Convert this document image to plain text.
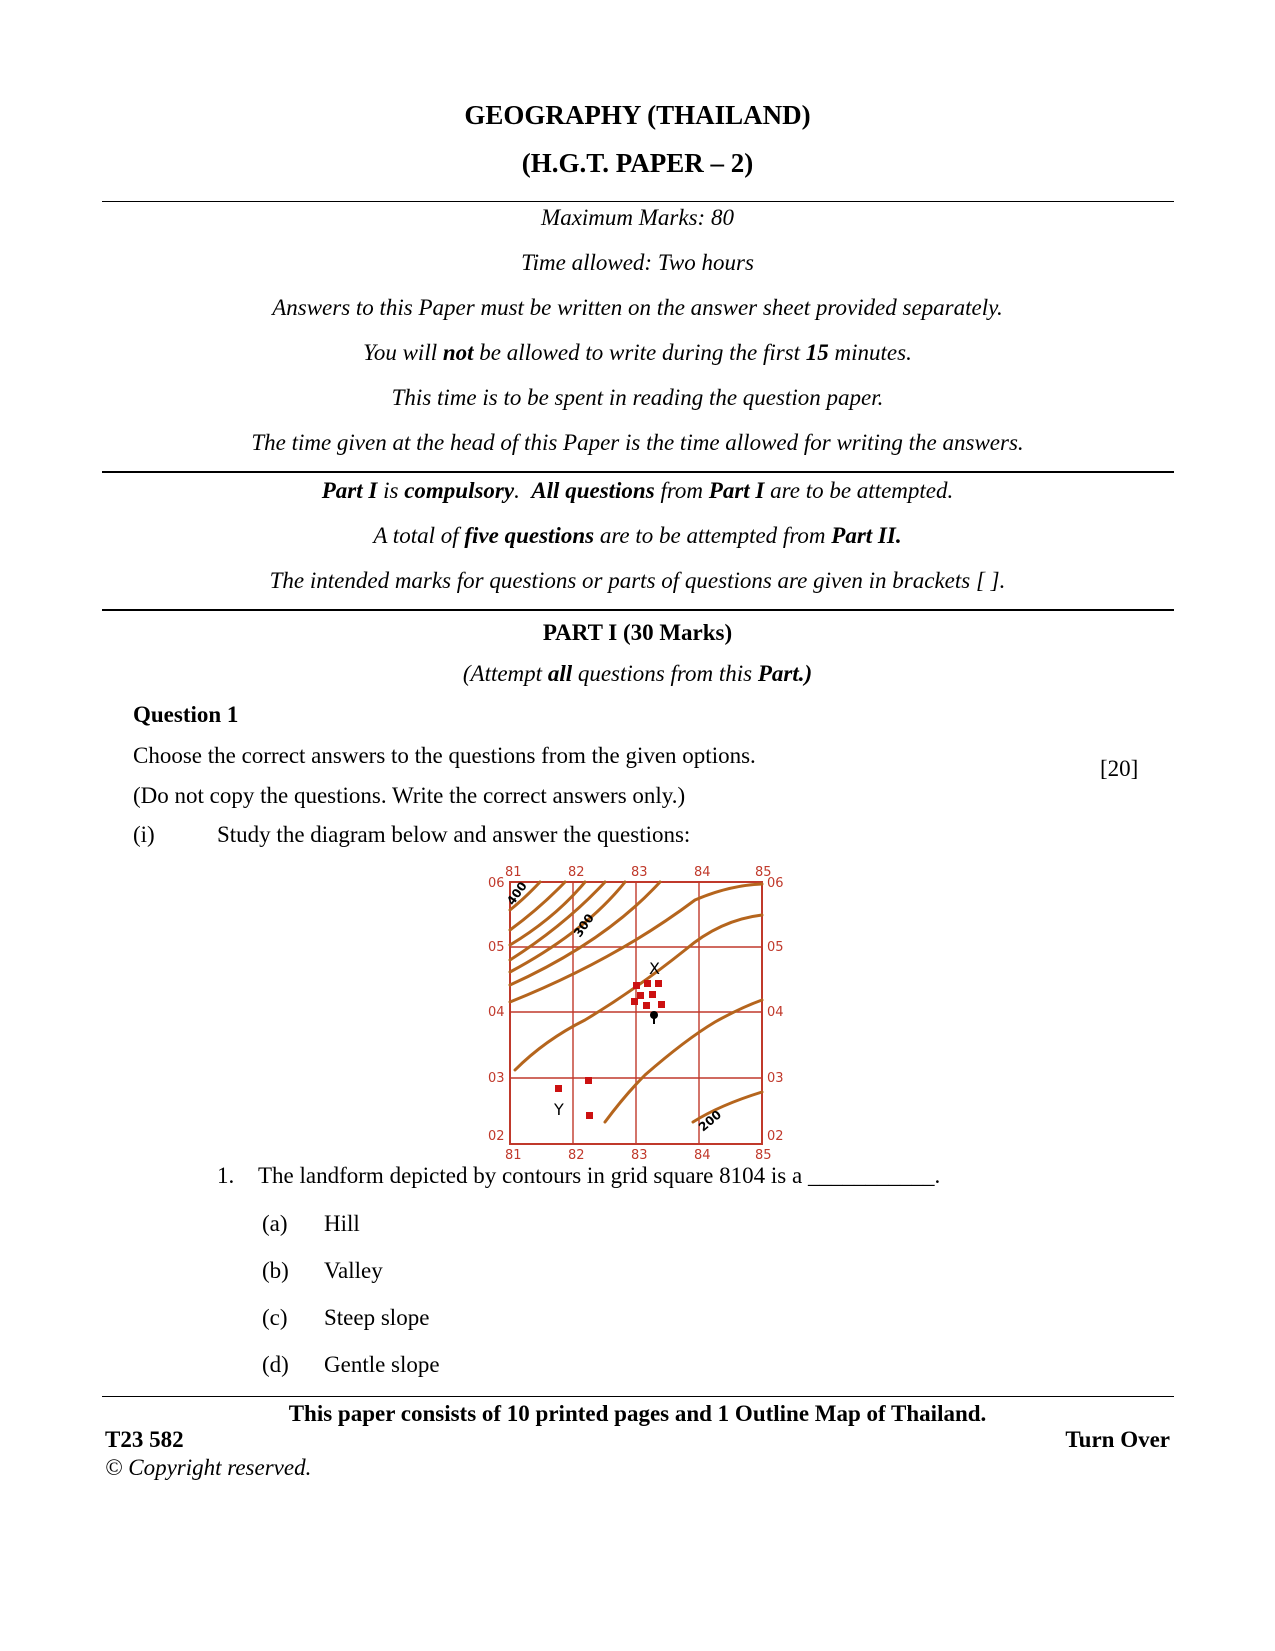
GEOGRAPHY (THAILAND)
(H.G.T. PAPER – 2)
Maximum Marks: 80
Time allowed: Two hours
Answers to this Paper must be written on the answer sheet provided separately.
You will not be allowed to write during the first 15 minutes.
This time is to be spent in reading the question paper.
The time given at the head of this Paper is the time allowed for writing the answers.
Part I is compulsory.  All questions from Part I are to be attempted.
A total of five questions are to be attempted from Part II.
The intended marks for questions or parts of questions are given in brackets [ ].
PART I (30 Marks)
(Attempt all questions from this Part.)
Question 1
Choose the correct answers to the questions from the given options.
[20]
(Do not copy the questions. Write the correct answers only.)
(i)	Study the diagram below and answer the questions:
81	82	83	84	85
81	82	83	84	85
06
05
04
03
02
06
05
04
03
02
400
300
200
X
Y
1. The landform depicted by contours in grid square 8104 is a ___________.
(a) Hill
(b) Valley
(c) Steep slope
(d) Gentle slope
This paper consists of 10 printed pages and 1 Outline Map of Thailand.
T23 582	Turn Over
© Copyright reserved.
